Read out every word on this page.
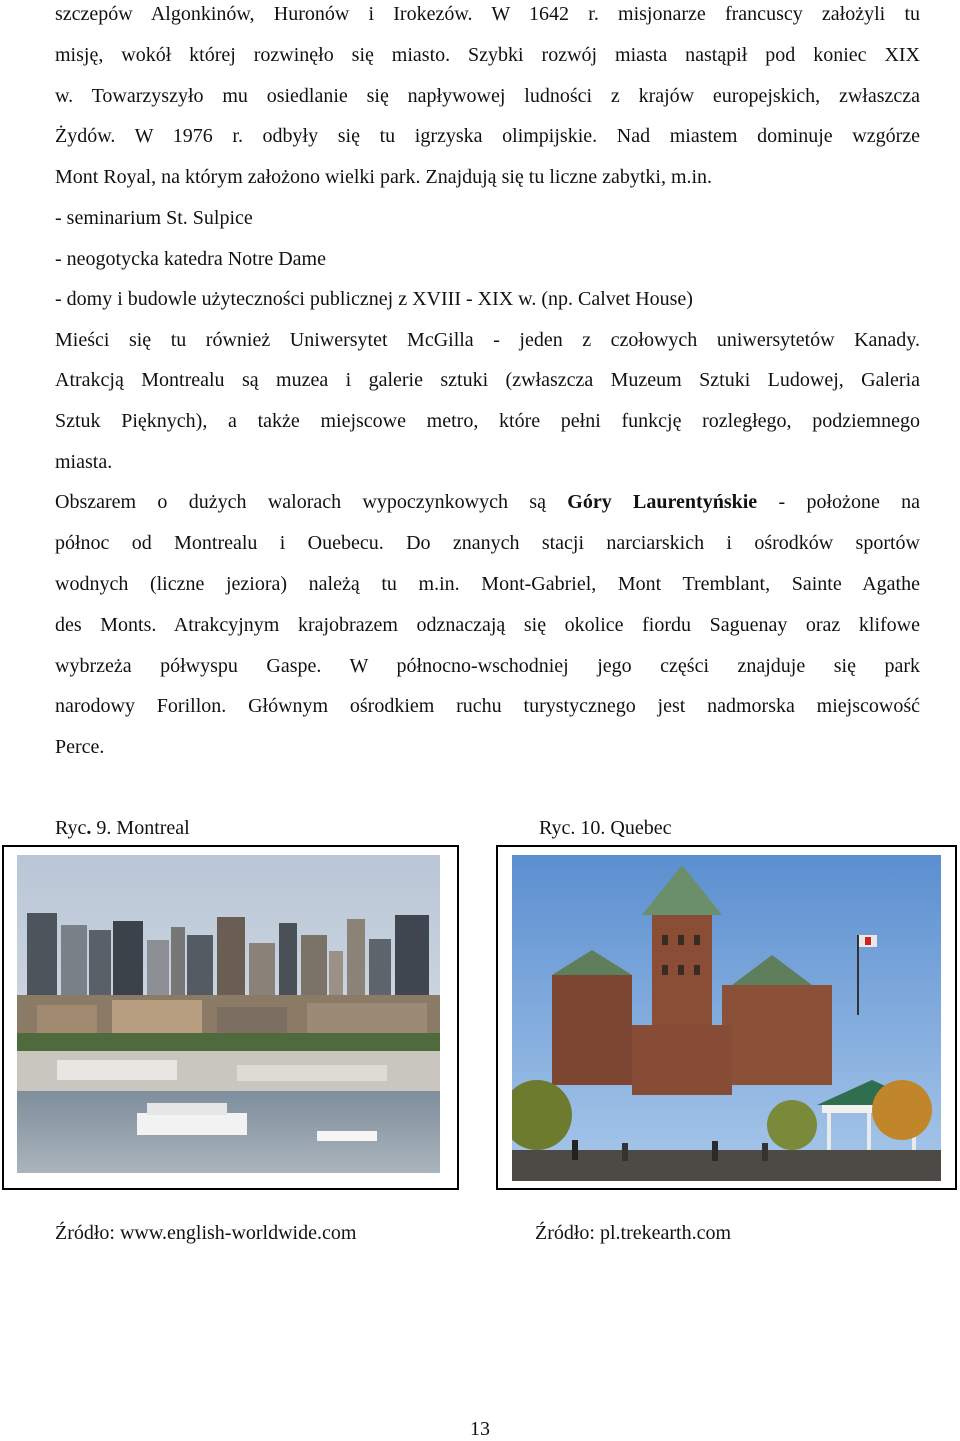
szczepów Algonkinów, Huronów i Irokezów. W 1642 r. misjonarze francuscy założyli tu
misję, wokół której rozwinęło się miasto. Szybki rozwój miasta nastąpił pod koniec XIX
w. Towarzyszyło mu osiedlanie się napływowej ludności z krajów europejskich, zwłaszcza
Żydów. W 1976 r. odbyły się tu igrzyska olimpijskie. Nad miastem dominuje wzgórze
Mont Royal, na którym założono wielki park. Znajdują się tu liczne zabytki, m.in.
- seminarium St. Sulpice
- neogotycka katedra Notre Dame
- domy i budowle użyteczności publicznej z XVIII - XIX w. (np. Calvet House)
Mieści się tu również Uniwersytet McGilla - jeden z czołowych uniwersytetów Kanady.
Atrakcją Montrealu są muzea i galerie sztuki (zwłaszcza Muzeum Sztuki Ludowej, Galeria
Sztuk Pięknych), a także miejscowe metro, które pełni funkcję rozległego, podziemnego
miasta.
Obszarem o dużych walorach wypoczynkowych są Góry Laurentyńskie - położone na
północ od Montrealu i Ouebecu. Do znanych stacji narciarskich i ośrodków sportów
wodnych (liczne jeziora) należą tu m.in. Mont-Gabriel, Mont Tremblant, Sainte Agathe
des Monts. Atrakcyjnym krajobrazem odznaczają się okolice fiordu Saguenay oraz klifowe
wybrzeża półwyspu Gaspe. W północno-wschodniej jego części znajduje się park
narodowy Forillon. Głównym ośrodkiem ruchu turystycznego jest nadmorska miejscowość
Perce.
Ryc. 9. Montreal	Ryc. 10. Quebec
Źródło: www.english-worldwide.com	Źródło: pl.trekearth.com
13
